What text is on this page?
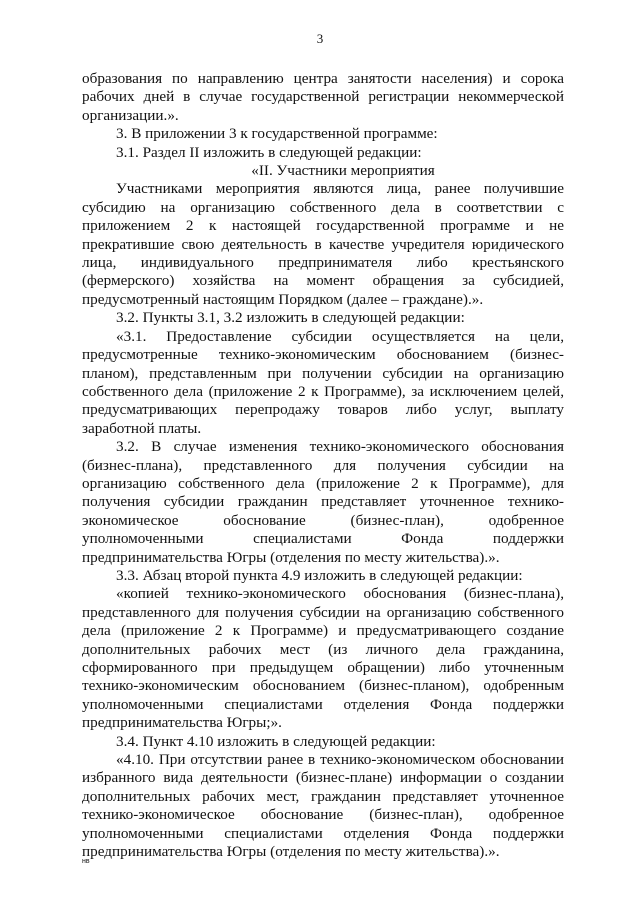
3

образования по направлению центра занятости населения) и сорока рабочих дней в случае государственной регистрации некоммерческой организации.».

3. В приложении 3 к государственной программе:

3.1. Раздел II изложить в следующей редакции:

«II. Участники мероприятия

Участниками мероприятия являются лица, ранее получившие субсидию на организацию собственного дела в соответствии с приложением 2 к настоящей государственной программе и не прекратившие свою деятельность в качестве учредителя юридического лица, индивидуального предпринимателя либо крестьянского (фермерского) хозяйства на момент обращения за субсидией, предусмотренный настоящим Порядком (далее – граждане).».

3.2. Пункты 3.1, 3.2 изложить в следующей редакции:

«3.1. Предоставление субсидии осуществляется на цели, предусмотренные технико-экономическим обоснованием (бизнес-планом), представленным при получении субсидии на организацию собственного дела (приложение 2 к Программе), за исключением целей, предусматривающих перепродажу товаров либо услуг, выплату заработной платы.

3.2. В случае изменения технико-экономического обоснования (бизнес-плана), представленного для получения субсидии на организацию собственного дела (приложение 2 к Программе), для получения субсидии гражданин представляет уточненное технико-экономическое обоснование (бизнес-план), одобренное уполномоченными специалистами Фонда поддержки предпринимательства Югры (отделения по месту жительства).».

3.3. Абзац второй пункта 4.9 изложить в следующей редакции:

«копией технико-экономического обоснования (бизнес-плана), представленного для получения субсидии на организацию собственного дела (приложение 2 к Программе) и предусматривающего создание дополнительных рабочих мест (из личного дела гражданина, сформированного при предыдущем обращении) либо уточненным технико-экономическим обоснованием (бизнес-планом), одобренным уполномоченными специалистами отделения Фонда поддержки предпринимательства Югры;».

3.4. Пункт 4.10 изложить в следующей редакции:

«4.10. При отсутствии ранее в технико-экономическом обосновании избранного вида деятельности (бизнес-плане) информации о создании дополнительных рабочих мест, гражданин представляет уточненное технико-экономическое обоснование (бизнес-план), одобренное уполномоченными специалистами отделения Фонда поддержки предпринимательства Югры (отделения по месту жительства).».

нв
